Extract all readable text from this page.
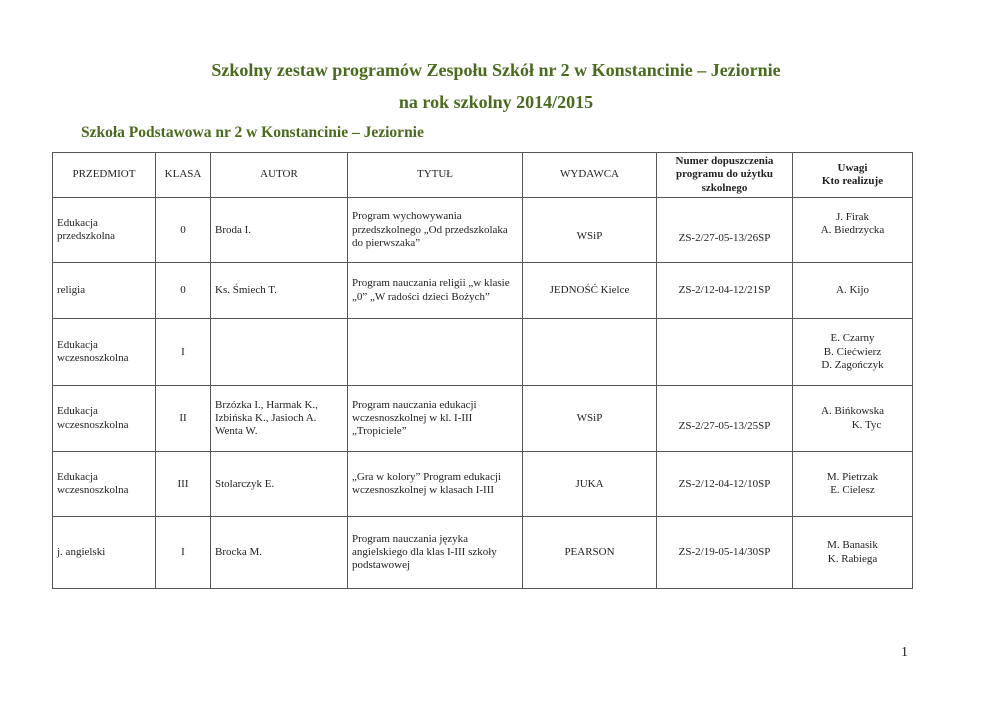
Szkolny zestaw programów Zespołu Szkół nr 2 w Konstancinie – Jeziornie
na rok szkolny 2014/2015
Szkoła Podstawowa nr 2 w Konstancinie – Jeziornie
PRZEDMIOT	KLASA	AUTOR	TYTUŁ	WYDAWCA	Numer dopuszczenia programu do użytku szkolnego	Uwagi
Kto realizuje

Edukacja przedszkolna	0	Broda I.	Program wychowywania przedszkolnego „Od przedszkolaka do pierwszaka”	WSiP	ZS-2/27-05-13/26SP	J. Firak
A. Biedrzycka

religia	0	Ks. Śmiech T.	Program nauczania religii „w klasie „0” „W radości dzieci Bożych”	JEDNOŚĆ Kielce	ZS-2/12-04-12/21SP	A. Kijo

Edukacja wczesnoszkolna	I					E. Czarny
B. Ciećwierz
D. Zagończyk

Edukacja wczesnoszkolna	II	Brzózka I., Harmak K., Izbińska K., Jasioch A. Wenta W.	Program nauczania edukacji wczesnoszkolnej w kl. I-III „Tropiciele”	WSiP	ZS-2/27-05-13/25SP	A. Bińkowska
K. Tyc

Edukacja wczesnoszkolna	III	Stolarczyk E.	„Gra w kolory” Program edukacji wczesnoszkolnej w klasach I-III	JUKA	ZS-2/12-04-12/10SP	M. Pietrzak
E. Cielesz

j. angielski	I	Brocka M.	Program nauczania języka angielskiego dla klas I-III szkoły podstawowej	PEARSON	ZS-2/19-05-14/30SP	M. Banasik
K. Rabiega
1
